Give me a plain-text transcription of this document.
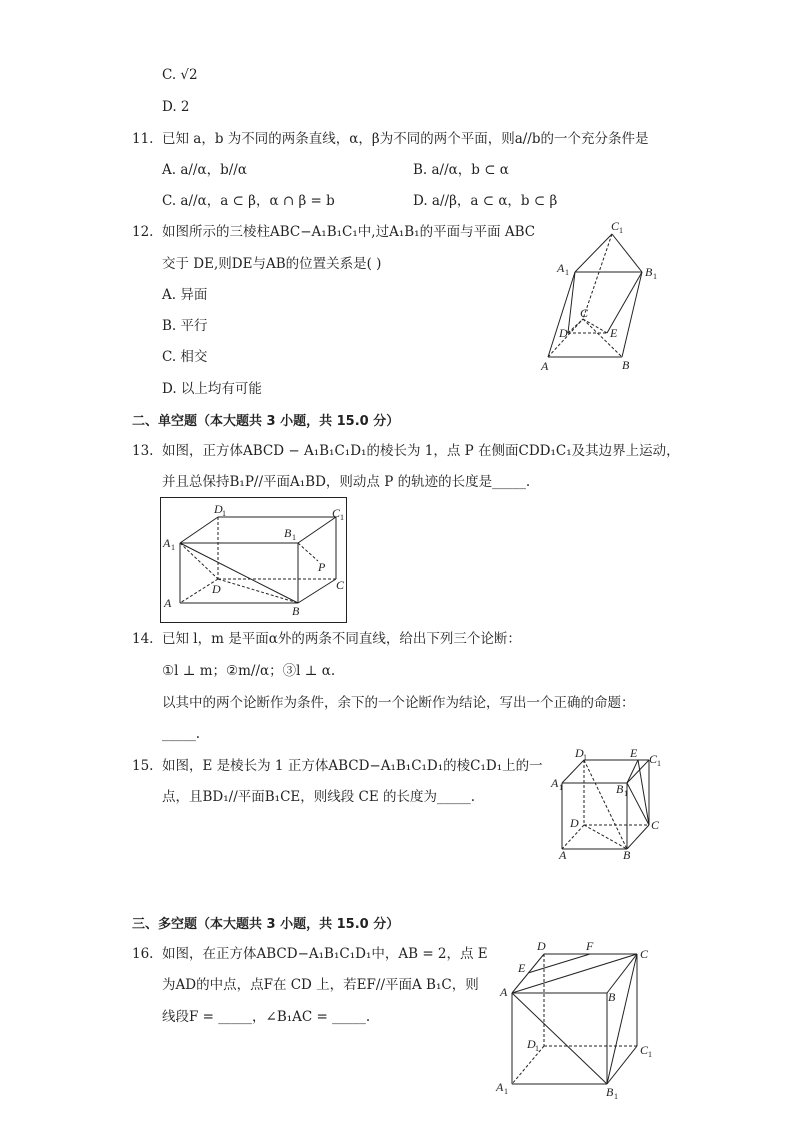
C. √2
D. 2
11. 已知 a，b 为不同的两条直线，α，β为不同的两个平面，则a//b的一个充分条件是
A. a//α，b//α	B. a//α，b ⊂ α
C. a//α，a ⊂ β，α ∩ β = b	D. a//β，a ⊂ α，b ⊂ β
12. 如图所示的三棱柱ABC−A₁B₁C₁中,过A₁B₁的平面与平面 ABC
交于 DE,则DE与AB的位置关系是( )
A. 异面
B. 平行
C. 相交
D. 以上均有可能
C 1
A 1	B 1
C
D	E
A	B
二、单空题（本大题共 3 小题，共 15.0 分）
13. 如图，正方体ABCD − A₁B₁C₁D₁的棱长为 1，点 P 在侧面CDD₁C₁及其边界上运动，
并且总保持B₁P//平面A₁BD，则动点 P 的轨迹的长度是_____.
D 1	C 1
B 1
A 1
P
D	C
A
B
14. 已知 l，m 是平面α外的两条不同直线，给出下列三个论断：
①l ⊥ m；②m//α；③l ⊥ α.
以其中的两个论断作为条件，余下的一个论断作为结论，写出一个正确的命题：
_____.
15. 如图，E 是棱长为 1 正方体ABCD−A₁B₁C₁D₁的棱C₁D₁上的一
点，且BD₁//平面B₁CE，则线段 CE 的长度为_____.
D 1	E C 1
A 1	B 1
D	C
A	B
三、多空题（本大题共 3 小题，共 15.0 分）
16. 如图，在正方体ABCD−A₁B₁C₁D₁中，AB = 2，点 E
为AD的中点，点F在 CD 上，若EF//平面A B₁C，则
线段F = _____，∠B₁AC = _____.
D	F
C
E
A	B
D 1	C 1
A 1	B 1
